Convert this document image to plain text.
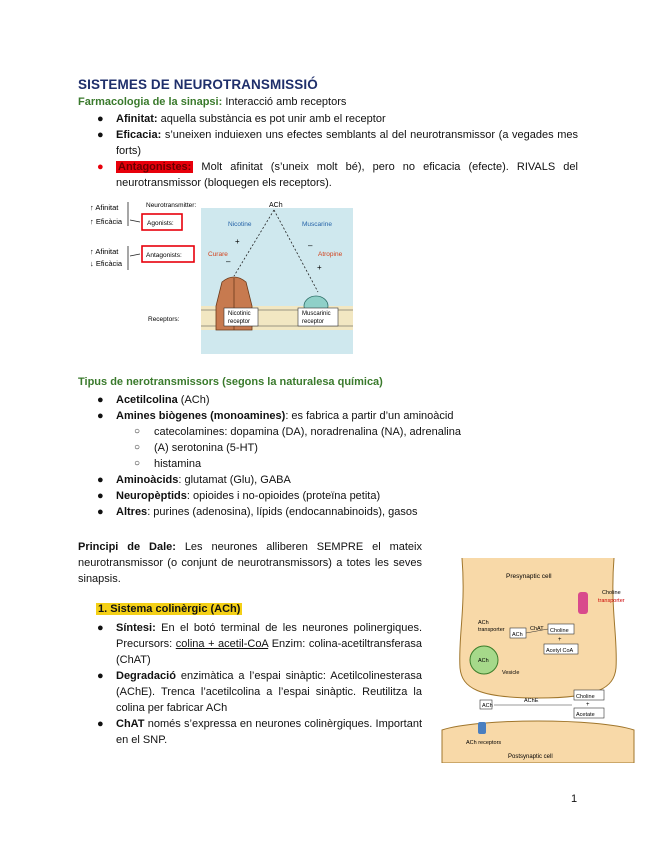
SISTEMES DE NEUROTRANSMISSIÓ
Farmacologia de la sinapsi: Interacció amb receptors
● Afinitat: aquella substància es pot unir amb el receptor
● Eficacia: s’uneixen induiexen uns efectes semblants al del neurotransmissor (a vegades mes forts)
● Antagonistes: Molt afinitat (s’uneix molt bé), pero no eficacia (efecte). RIVALS del neurotransmissor (bloquegen els receptors).
↑ Afinitat
↑ Eficàcia
↑ Afinitat
↓ Eficàcia
Neurotransmitter:
Agonists:
Antagonists:
Receptors:
ACh
Nicotine	Muscarine
Curare	Atropine
+
+
–
–
Nicotinic
receptor
Muscarinic
receptor
Tipus de nerotransmissors (segons la naturalesa química)
● Acetilcolina (ACh)
● Amines biògenes (monoamines): es fabrica a partir d’un aminoàcid
○ catecolamines: dopamina (DA), noradrenalina (NA), adrenalina
○ (A) serotonina (5-HT)
○ histamina
● Aminoàcids: glutamat (Glu), GABA
● Neuropèptids: opioides i no-opioides (proteïna petita)
● Altres: purines (adenosina), lípids (endocannabinoids), gasos
Principi de Dale: Les neurones alliberen SEMPRE el mateix neurotransmissor (o conjunt de neurotransmissors) a totes les seves sinapsis.
1. Sistema colinèrgic (ACh)
● Síntesi: En el botó terminal de les neurones polinergiques. Precursors: colina + acetil-CoA Enzim: colina-acetiltransferasa (ChAT)
● Degradació enzimàtica a l’espai sinàptic: Acetilcolinesterasa (AChE). Trenca l’acetilcolina a l’espai sinàptic. Reutilitza la colina per fabricar ACh
● ChAT només s’expressa en neurones colinèrgiques. Important en el SNP.
Presynaptic cell
Choline
transporter
ACh
Vesicle
ACh
transporter
ACh
ChAT Choline
+
Acetyl CoA
ACh
AChE
Choline
+
Acetate
ACh receptors
Postsynaptic cell
1
